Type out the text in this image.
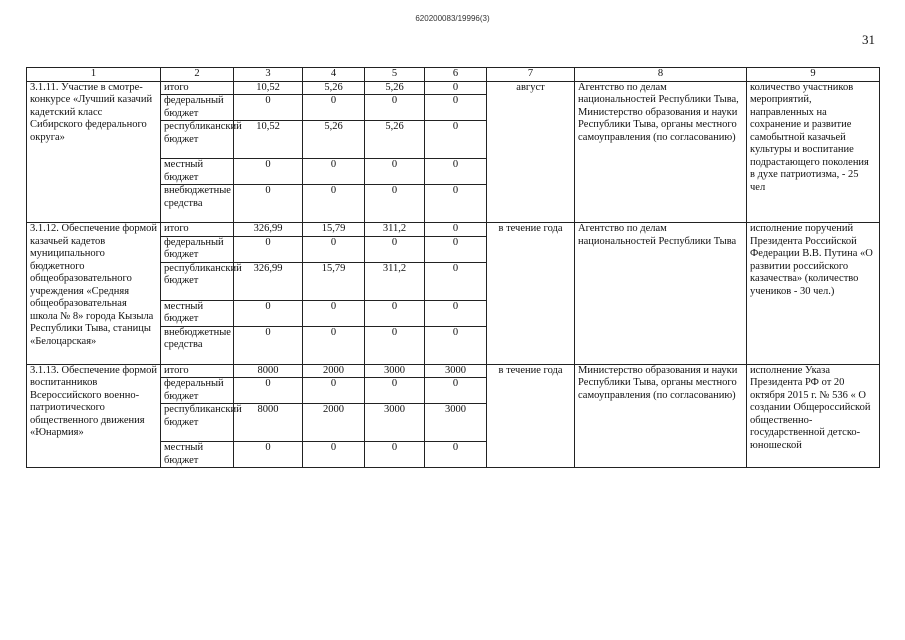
620200083/19996(3)
31
1	2	3	4	5	6	7	8	9
3.1.11. Участие в смотре-конкурсе «Лучший казачий кадетский класс Сибирского федерального округа»	итого	10,52	5,26	5,26	0	август	Агентство по делам национальностей Республики Тыва, Министерство образования и науки Республики Тыва, органы местного самоуправления (по согласованию)	количество участников мероприятий, направленных на сохранение и развитие самобытной казачьей культуры и воспитание подрастающего поколения в духе патриотизма, - 25 чел
	федеральный бюджет	0	0	0	0			
	республиканский бюджет	10,52	5,26	5,26	0			
	местный бюджет	0	0	0	0			
	внебюджетные средства	0	0	0	0			
3.1.12. Обеспечение формой казачьей кадетов муниципального бюджетного общеобразовательного учреждения «Средняя общеобразовательная школа № 8» города Кызыла Республики Тыва, станицы «Белоцарская»	итого	326,99	15,79	311,2	0	в течение года	Агентство по делам национальностей Республики Тыва	исполнение поручений Президента Российской Федерации В.В. Путина «О развитии российского казачества» (количество учеников - 30 чел.)
	федеральный бюджет	0	0	0	0			
	республиканский бюджет	326,99	15,79	311,2	0			
	местный бюджет	0	0	0	0			
	внебюджетные средства	0	0	0	0			
3.1.13. Обеспечение формой воспитанников Всероссийского военно-патриотического общественного движения «Юнармия»	итого	8000	2000	3000	3000	в течение года	Министерство образования и науки Республики Тыва, органы местного самоуправления (по согласованию)	исполнение Указа Президента РФ от 20 октября 2015 г. № 536 « О создании Общероссийской общественно-государственной детско-юношеской
	федеральный бюджет	0	0	0	0			
	республиканский бюджет	8000	2000	3000	3000			
	местный бюджет	0	0	0	0			
